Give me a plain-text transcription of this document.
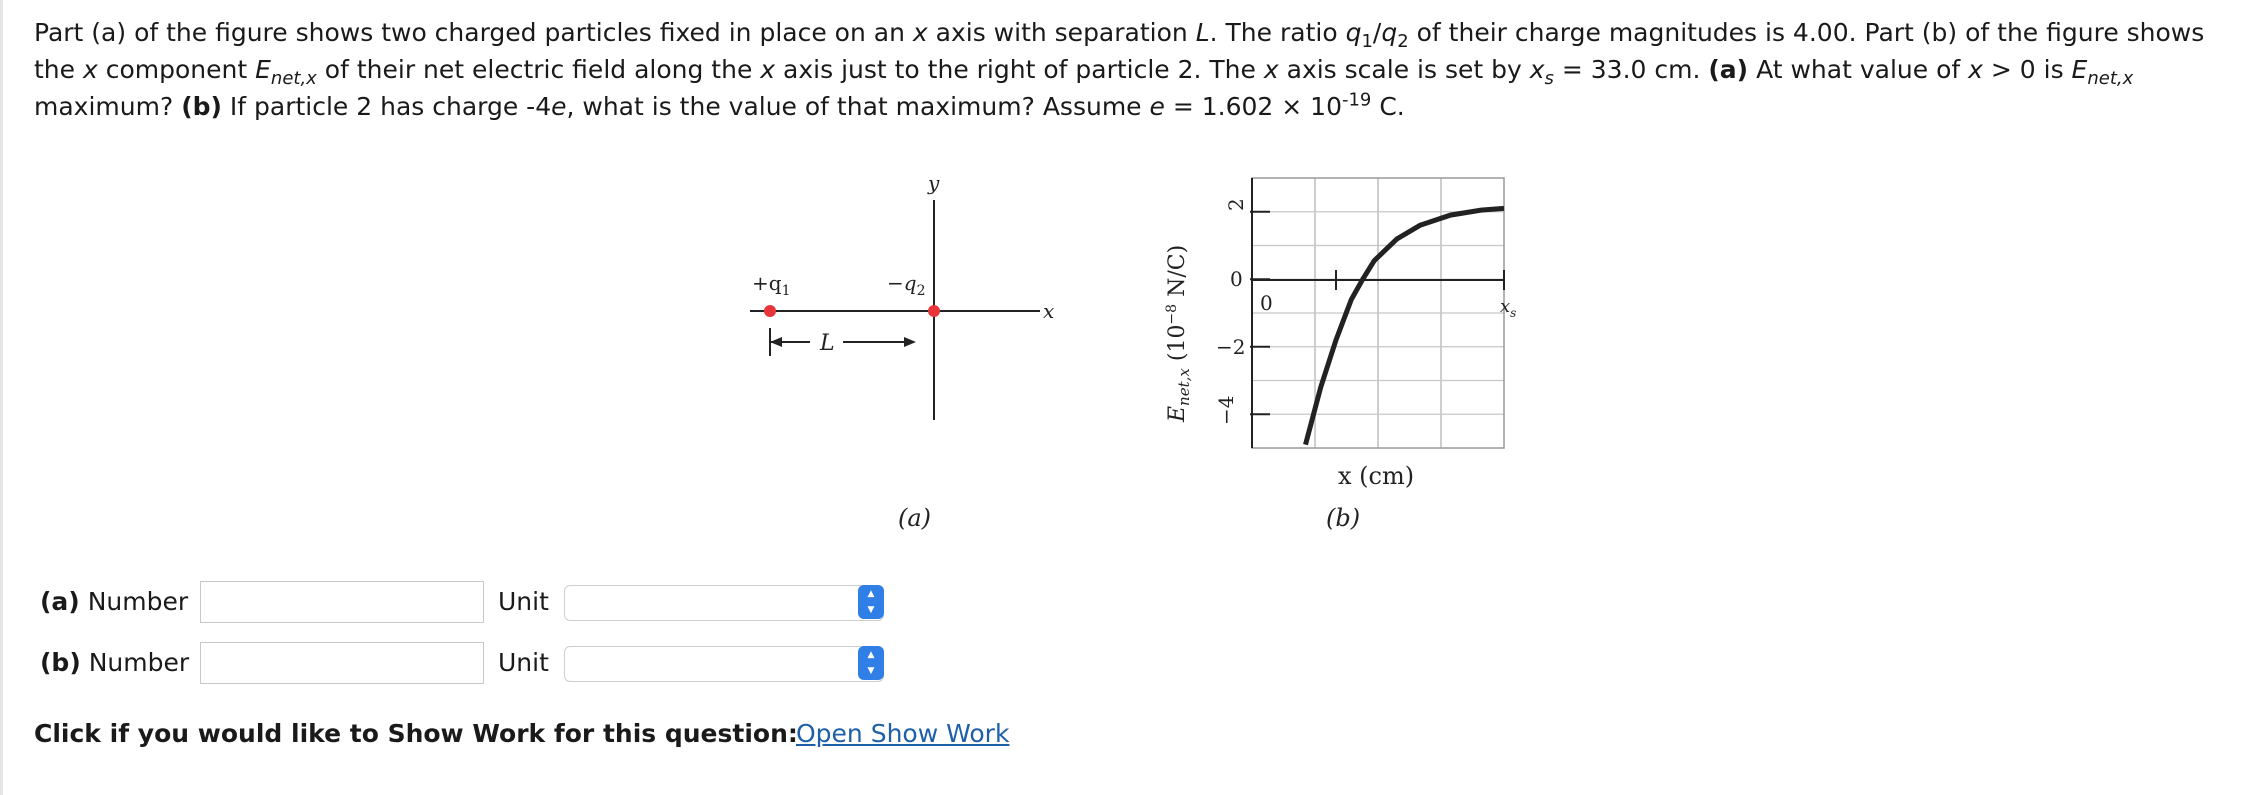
Part (a) of the figure shows two charged particles fixed in place on an x axis with separation L. The ratio $q_1/q_2$ of their charge magnitudes is 4.00. Part (b) of the figure shows the x component $E_{net,x}$ of their net electric field along the x axis just to the right of particle 2. The x axis scale is set by $x_s = 33.0$ cm. (a) At what value of x > 0 is $E_{net,x}$ maximum? (b) If particle 2 has charge -4e, what is the value of that maximum? Assume $e = 1.602 \times 10^{-19}$ C.
y
x
$+q_1$	$-q_2$
L
(a)
2
0
−2
−4
0	$x_s$
$E_{net,x}$ ($10^{-8}$ N/C)
x (cm)
(b)
(a) Number	Unit	▲
▼
(b) Number	Unit	▲
▼
Click if you would like to Show Work for this question:
Open Show Work
